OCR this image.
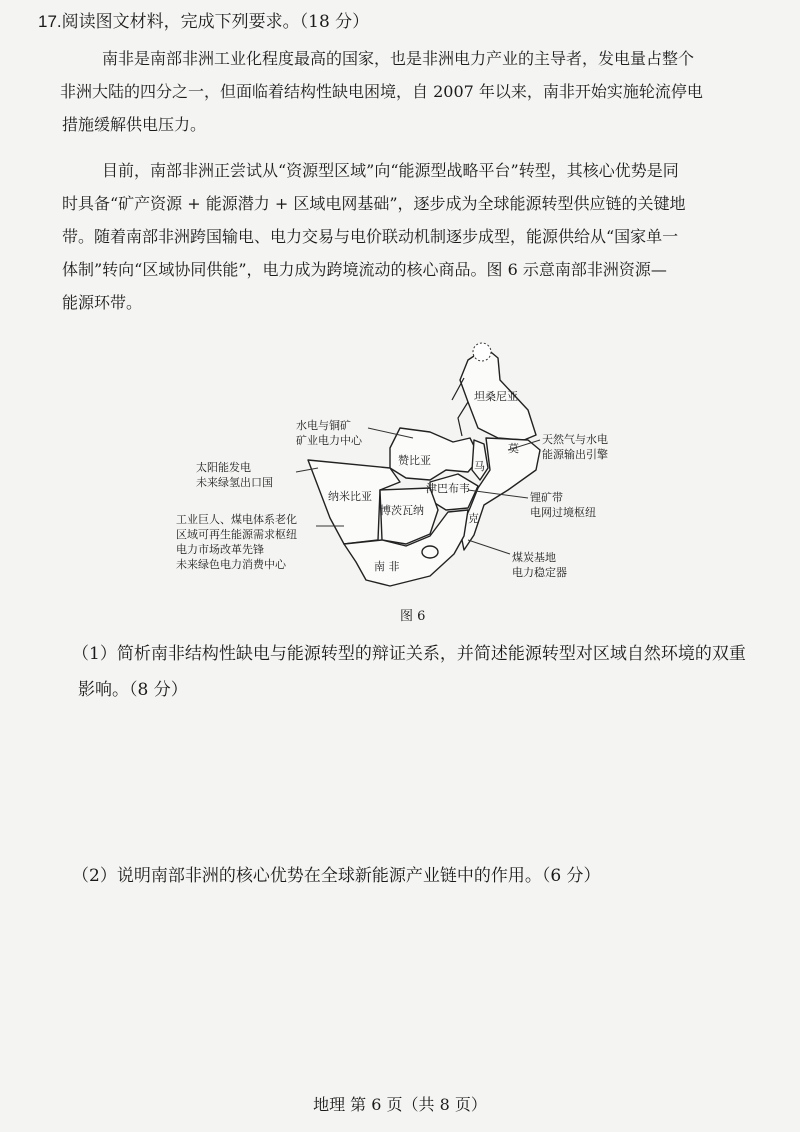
17.阅读图文材料，完成下列要求。（18 分）
南非是南部非洲工业化程度最高的国家，也是非洲电力产业的主导者，发电量占整个
非洲大陆的四分之一，但面临着结构性缺电困境，自 2007 年以来，南非开始实施轮流停电
措施缓解供电压力。
目前，南部非洲正尝试从“资源型区域”向“能源型战略平台”转型，其核心优势是同
时具备“矿产资源 + 能源潜力 + 区域电网基础”，逐步成为全球能源转型供应链的关键地
带。随着南部非洲跨国输电、电力交易与电价联动机制逐步成型，能源供给从“国家单一
体制”转向“区域协同供能”，电力成为跨境流动的核心商品。图 6 示意南部非洲资源—
能源环带。
坦桑尼亚
赞比亚	马
莫
津巴布韦
纳米比亚
博茨瓦纳
克
南 非
水电与铜矿
矿业电力中心
太阳能发电
未来绿氢出口国
工业巨人、煤电体系老化
区域可再生能源需求枢纽
电力市场改革先锋
未来绿色电力消费中心
天然气与水电
能源输出引擎
锂矿带
电网过境枢纽
煤炭基地
电力稳定器
图 6
（1）简析南非结构性缺电与能源转型的辩证关系，并简述能源转型对区域自然环境的双重
影响。（8 分）
（2）说明南部非洲的核心优势在全球新能源产业链中的作用。（6 分）
地理 第 6 页（共 8 页）
